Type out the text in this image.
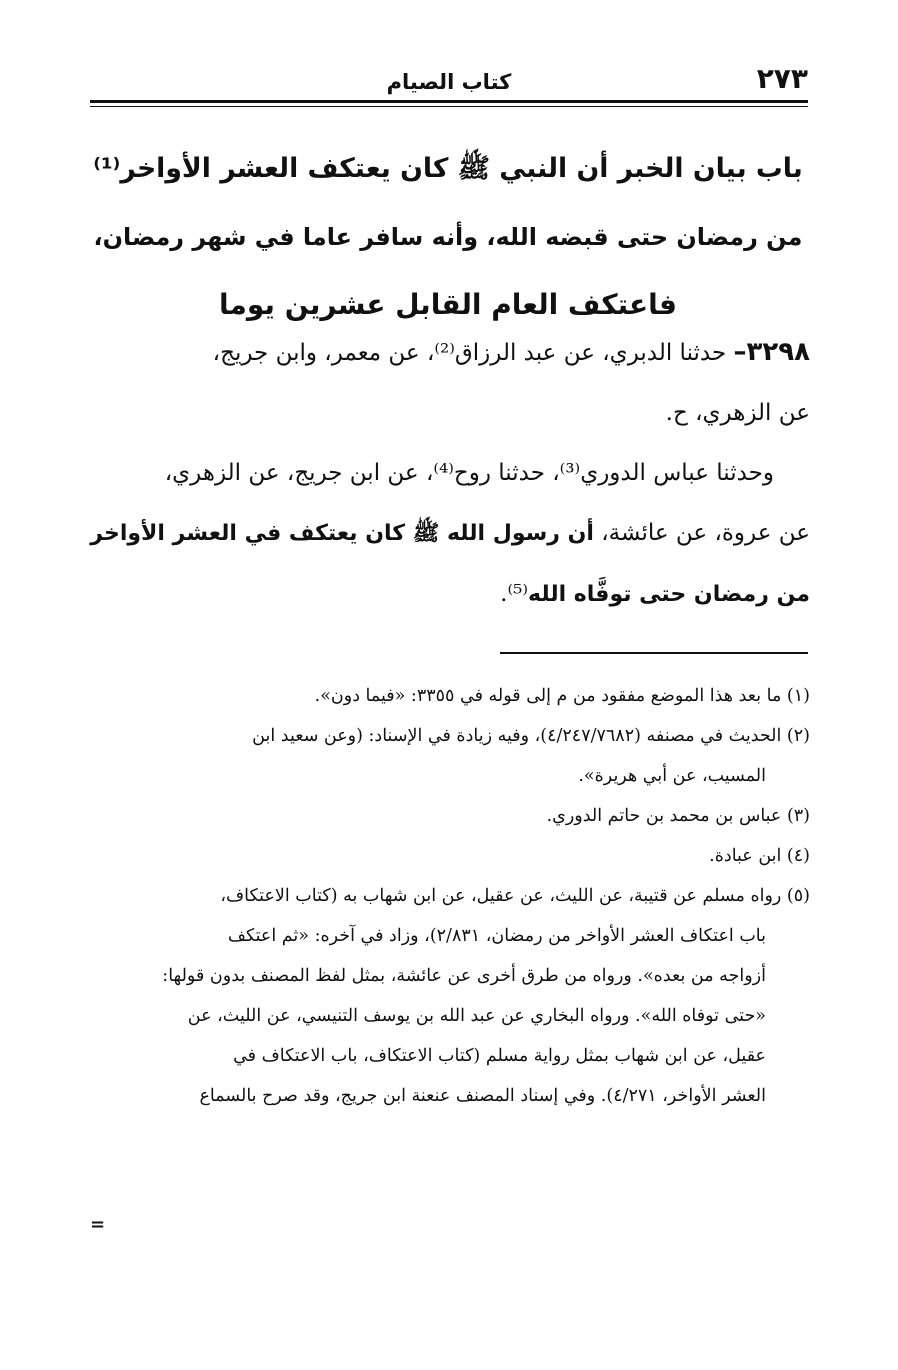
٢٧٣
كتاب الصيام
باب بيان الخبر أن النبي ﷺ كان يعتكف العشر الأواخر⁽¹⁾
من رمضان حتى قبضه الله، وأنه سافر عاما في شهر رمضان،
فاعتكف العام القابل عشرين يوما
٣٢٩٨– حدثنا الدبري، عن عبد الرزاق⁽²⁾، عن معمر، وابن جريج،
عن الزهري، ح.
وحدثنا عباس الدوري⁽³⁾، حدثنا روح⁽⁴⁾، عن ابن جريج، عن الزهري،
عن عروة، عن عائشة، أن رسول الله ﷺ كان يعتكف في العشر الأواخر
من رمضان حتى توفَّاه الله⁽⁵⁾.
(١) ما بعد هذا الموضع مفقود من م إلى قوله في ٣٣٥٥: «فيما دون».
(٢) الحديث في مصنفه (٤/٢٤٧/٧٦٨٢)، وفيه زيادة في الإسناد: (وعن سعيد ابن
المسيب، عن أبي هريرة».
(٣) عباس بن محمد بن حاتم الدوري.
(٤) ابن عبادة.
(٥) رواه مسلم عن قتيبة، عن الليث، عن عقيل، عن ابن شهاب به (كتاب الاعتكاف،
باب اعتكاف العشر الأواخر من رمضان، ٢/٨٣١)، وزاد في آخره: «ثم اعتكف
أزواجه من بعده». ورواه من طرق أخرى عن عائشة، بمثل لفظ المصنف بدون قولها:
«حتى توفاه الله». ورواه البخاري عن عبد الله بن يوسف التنيسي، عن الليث، عن
عقيل، عن ابن شهاب بمثل رواية مسلم (كتاب الاعتكاف، باب الاعتكاف في
العشر الأواخر، ٤/٢٧١). وفي إسناد المصنف عنعنة ابن جريج، وقد صرح بالسماع
=
